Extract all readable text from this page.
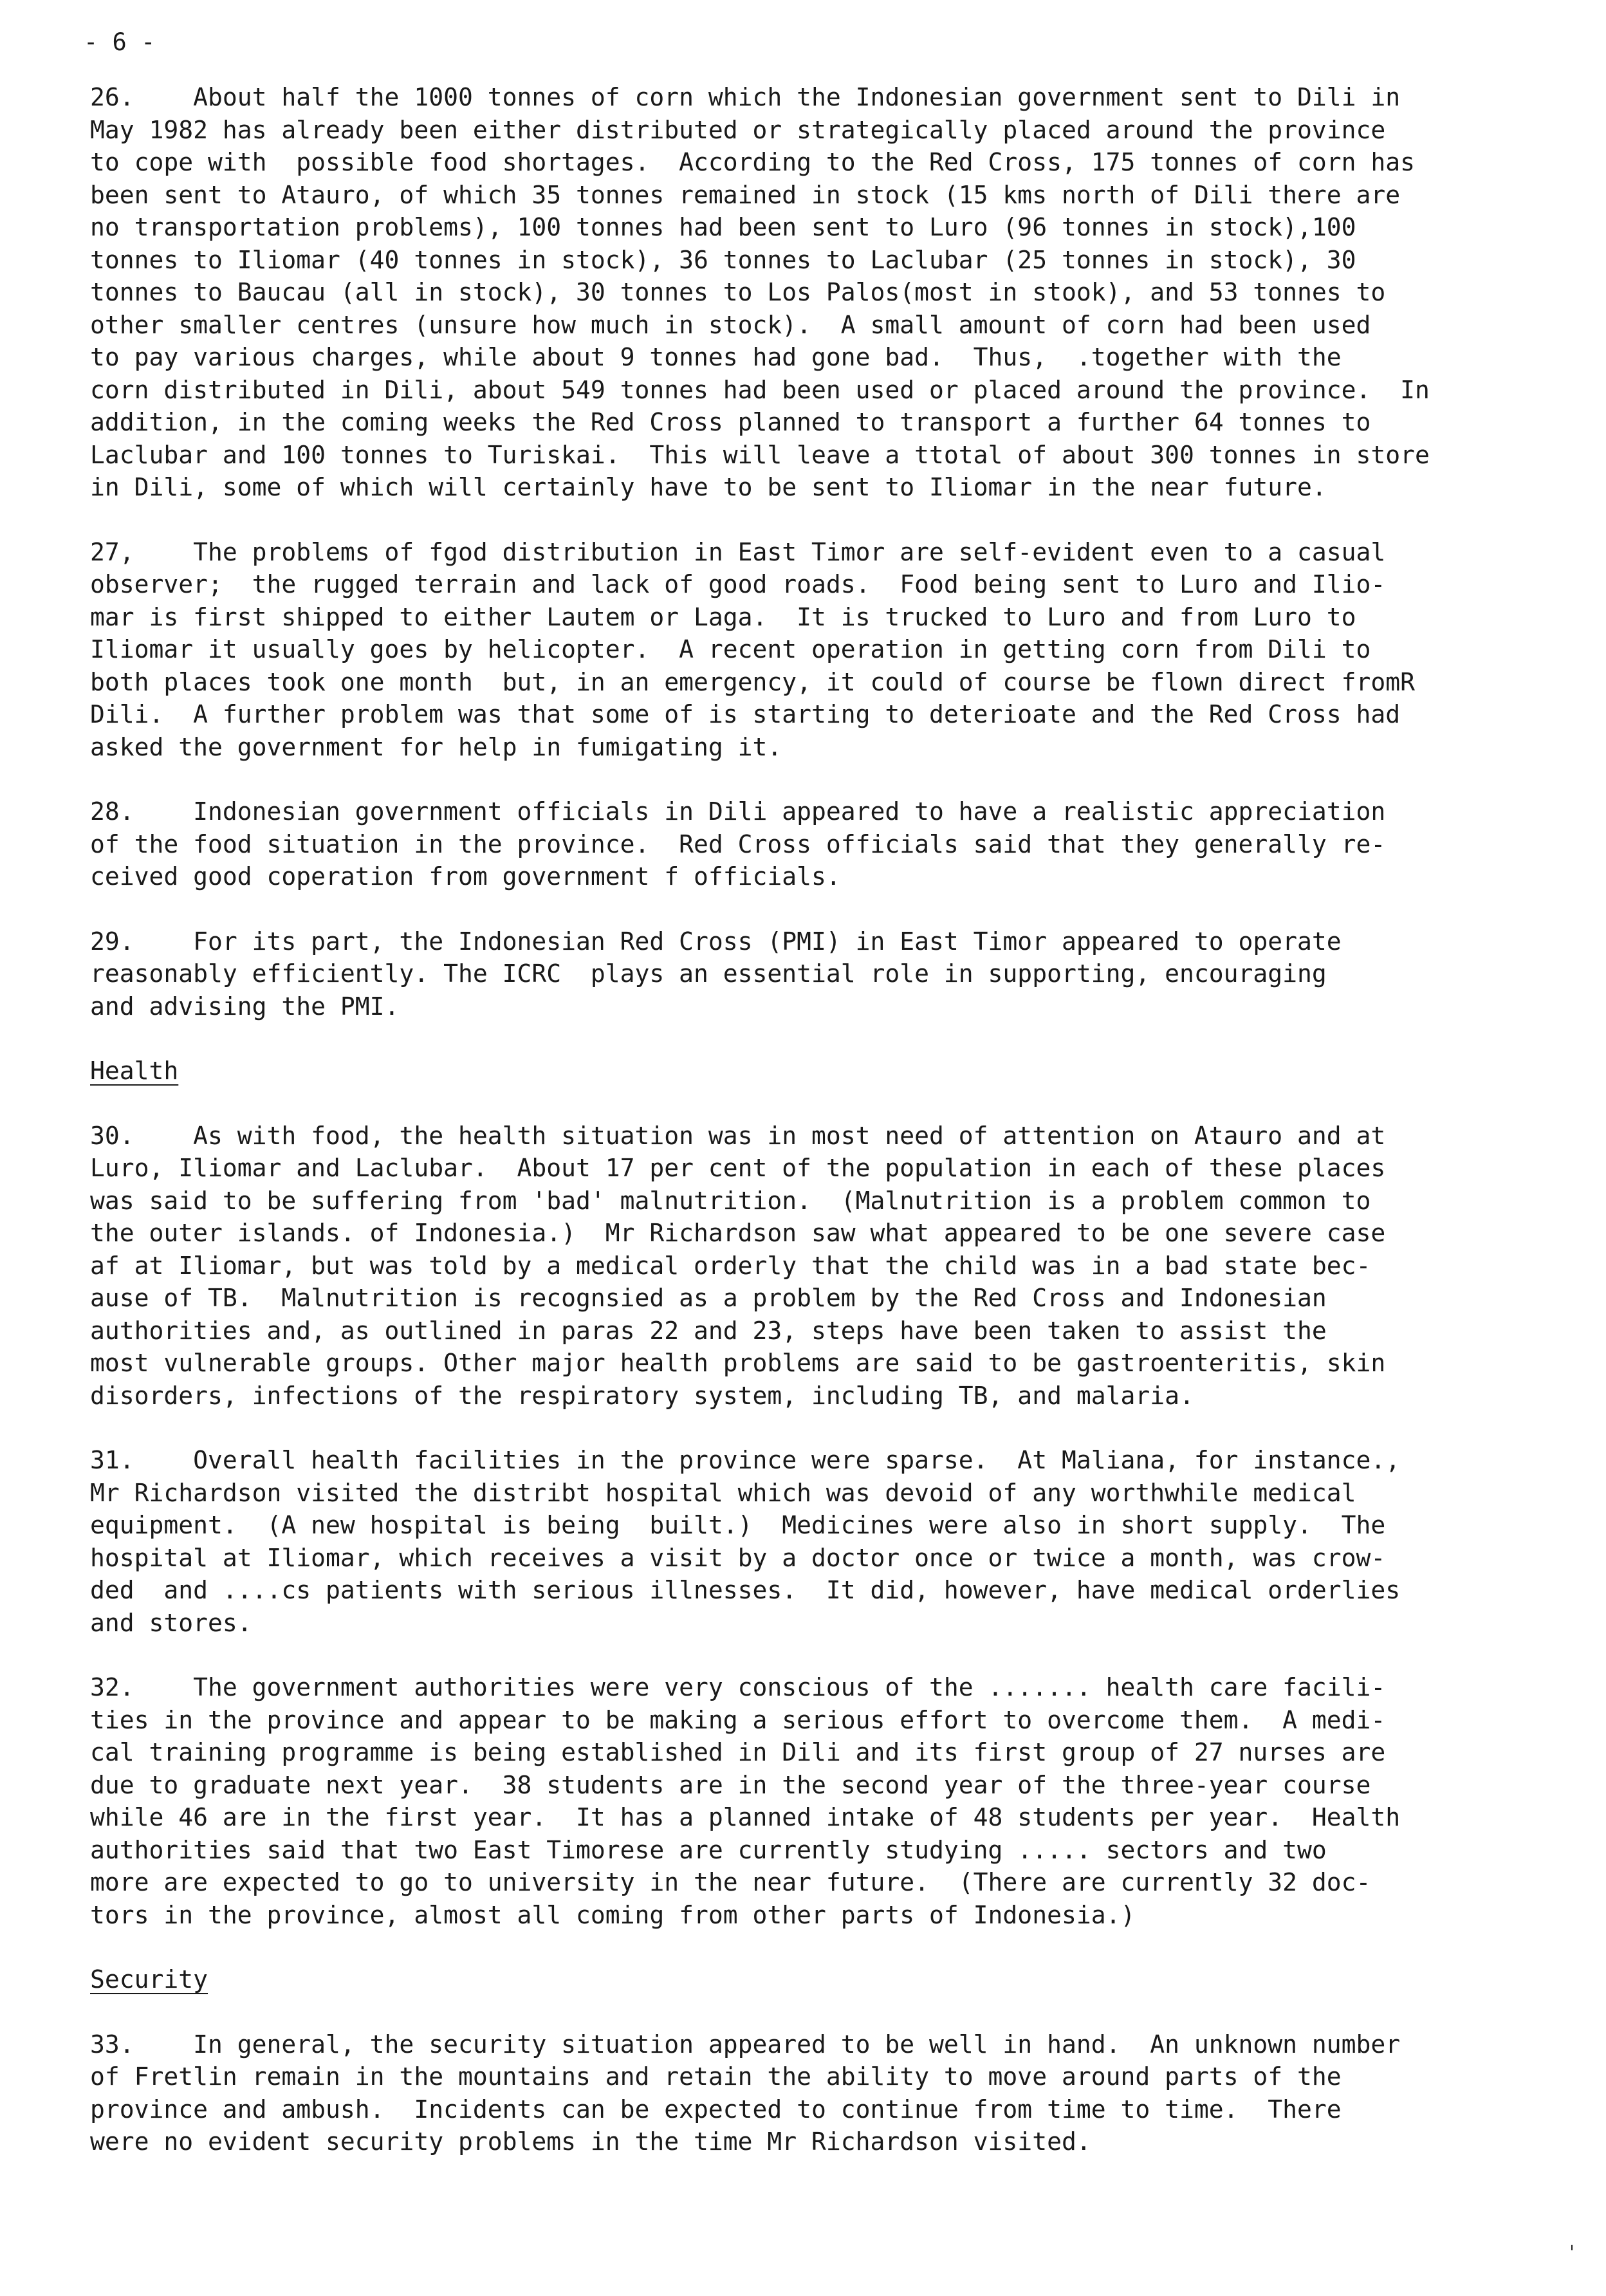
- 6 -
26.    About half the 1000 tonnes of corn which the Indonesian government sent to Dili in
May 1982 has already been either distributed or strategically placed around the province
to cope with  possible food shortages.  According to the Red Cross, 175 tonnes of corn has
been sent to Atauro, of which 35 tonnes remained in stock (15 kms north of Dili there are
no transportation problems), 100 tonnes had been sent to Luro (96 tonnes in stock),100
tonnes to Iliomar (40 tonnes in stock), 36 tonnes to Laclubar (25 tonnes in stock), 30
tonnes to Baucau (all in stock), 30 tonnes to Los Palos(most in stook), and 53 tonnes to
other smaller centres (unsure how much in stock).  A small amount of corn had been used
to pay various charges, while about 9 tonnes had gone bad.  Thus,  .together with the
corn distributed in Dili, about 549 tonnes had been used or placed around the province.  In
addition, in the coming weeks the Red Cross planned to transport a further 64 tonnes to
Laclubar and 100 tonnes to Turiskai.  This will leave a ttotal of about 300 tonnes in store
in Dili, some of which will certainly have to be sent to Iliomar in the near future.
27,    The problems of fgod distribution in East Timor are self-evident even to a casual
observer;  the rugged terrain and lack of good roads.  Food being sent to Luro and Ilio-
mar is first shipped to either Lautem or Laga.  It is trucked to Luro and from Luro to
Iliomar it usually goes by helicopter.  A recent operation in getting corn from Dili to
both places took one month  but, in an emergency, it could of course be flown direct fromR
Dili.  A further problem was that some of is starting to deterioate and the Red Cross had
asked the government for help in fumigating it.
28.    Indonesian government officials in Dili appeared to have a realistic appreciation
of the food situation in the province.  Red Cross officials said that they generally re-
ceived good coperation from government f officials.
29.    For its part, the Indonesian Red Cross (PMI) in East Timor appeared to operate
reasonably efficiently. The ICRC  plays an essential role in supporting, encouraging
and advising the PMI.
Health
30.    As with food, the health situation was in most need of attention on Atauro and at
Luro, Iliomar and Laclubar.  About 17 per cent of the population in each of these places
was said to be suffering from 'bad' malnutrition.  (Malnutrition is a problem common to
the outer islands. of Indonesia.)  Mr Richardson saw what appeared to be one severe case
af at Iliomar, but was told by a medical orderly that the child was in a bad state bec-
ause of TB.  Malnutrition is recognsied as a problem by the Red Cross and Indonesian
authorities and, as outlined in paras 22 and 23, steps have been taken to assist the
most vulnerable groups. Other major health problems are said to be gastroenteritis, skin
disorders, infections of the respiratory system, including TB, and malaria.
31.    Overall health facilities in the province were sparse.  At Maliana, for instance.,
Mr Richardson visited the distribt hospital which was devoid of any worthwhile medical
equipment.  (A new hospital is being  built.)  Medicines were also in short supply.  The
hospital at Iliomar, which receives a visit by a doctor once or twice a month, was crow-
ded  and ....cs patients with serious illnesses.  It did, however, have medical orderlies
and stores.
32.    The government authorities were very conscious of the ....... health care facili-
ties in the province and appear to be making a serious effort to overcome them.  A medi-
cal training programme is being established in Dili and its first group of 27 nurses are
due to graduate next year.  38 students are in the second year of the three-year course
while 46 are in the first year.  It has a planned intake of 48 students per year.  Health
authorities said that two East Timorese are currently studying ..... sectors and two
more are expected to go to university in the near future.  (There are currently 32 doc-
tors in the province, almost all coming from other parts of Indonesia.)
Security
33.    In general, the security situation appeared to be well in hand.  An unknown number
of Fretlin remain in the mountains and retain the ability to move around parts of the
province and ambush.  Incidents can be expected to continue from time to time.  There
were no evident security problems in the time Mr Richardson visited.
ˈ
